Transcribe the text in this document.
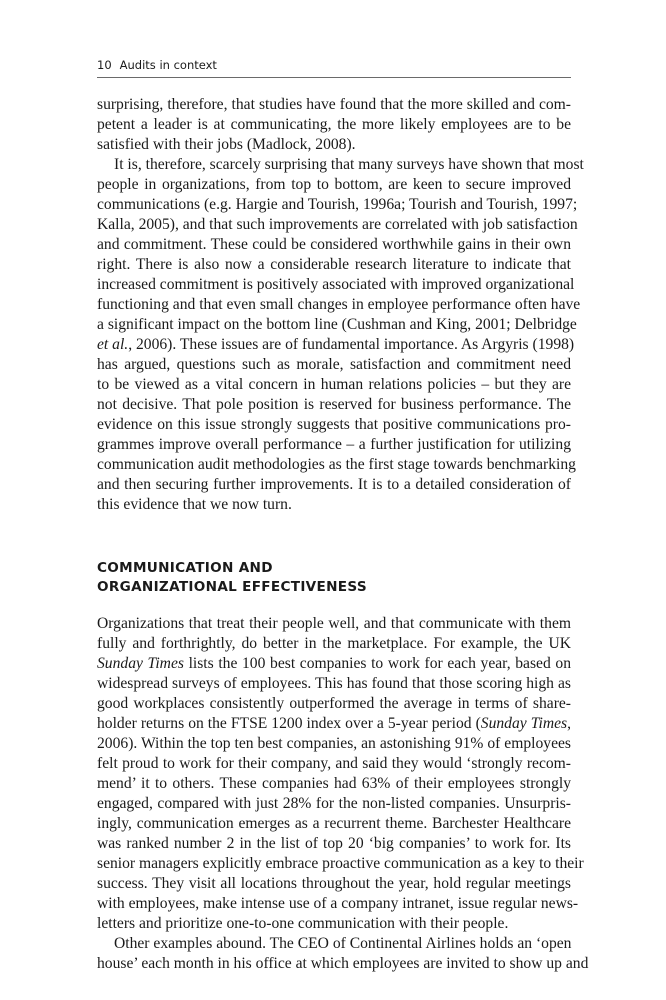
10 Audits in context
surprising, therefore, that studies have found that the more skilled and com-
petent a leader is at communicating, the more likely employees are to be
satisfied with their jobs (Madlock, 2008).
It is, therefore, scarcely surprising that many surveys have shown that most
people in organizations, from top to bottom, are keen to secure improved
communications (e.g. Hargie and Tourish, 1996a; Tourish and Tourish, 1997;
Kalla, 2005), and that such improvements are correlated with job satisfaction
and commitment. These could be considered worthwhile gains in their own
right. There is also now a considerable research literature to indicate that
increased commitment is positively associated with improved organizational
functioning and that even small changes in employee performance often have
a significant impact on the bottom line (Cushman and King, 2001; Delbridge
et al., 2006). These issues are of fundamental importance. As Argyris (1998)
has argued, questions such as morale, satisfaction and commitment need
to be viewed as a vital concern in human relations policies – but they are
not decisive. That pole position is reserved for business performance. The
evidence on this issue strongly suggests that positive communications pro-
grammes improve overall performance – a further justification for utilizing
communication audit methodologies as the first stage towards benchmarking
and then securing further improvements. It is to a detailed consideration of
this evidence that we now turn.
COMMUNICATION AND
ORGANIZATIONAL EFFECTIVENESS
Organizations that treat their people well, and that communicate with them
fully and forthrightly, do better in the marketplace. For example, the UK
Sunday Times lists the 100 best companies to work for each year, based on
widespread surveys of employees. This has found that those scoring high as
good workplaces consistently outperformed the average in terms of share-
holder returns on the FTSE 1200 index over a 5-year period (Sunday Times,
2006). Within the top ten best companies, an astonishing 91% of employees
felt proud to work for their company, and said they would ‘strongly recom-
mend’ it to others. These companies had 63% of their employees strongly
engaged, compared with just 28% for the non-listed companies. Unsurpris-
ingly, communication emerges as a recurrent theme. Barchester Healthcare
was ranked number 2 in the list of top 20 ‘big companies’ to work for. Its
senior managers explicitly embrace proactive communication as a key to their
success. They visit all locations throughout the year, hold regular meetings
with employees, make intense use of a company intranet, issue regular news-
letters and prioritize one-to-one communication with their people.
Other examples abound. The CEO of Continental Airlines holds an ‘open
house’ each month in his office at which employees are invited to show up and
